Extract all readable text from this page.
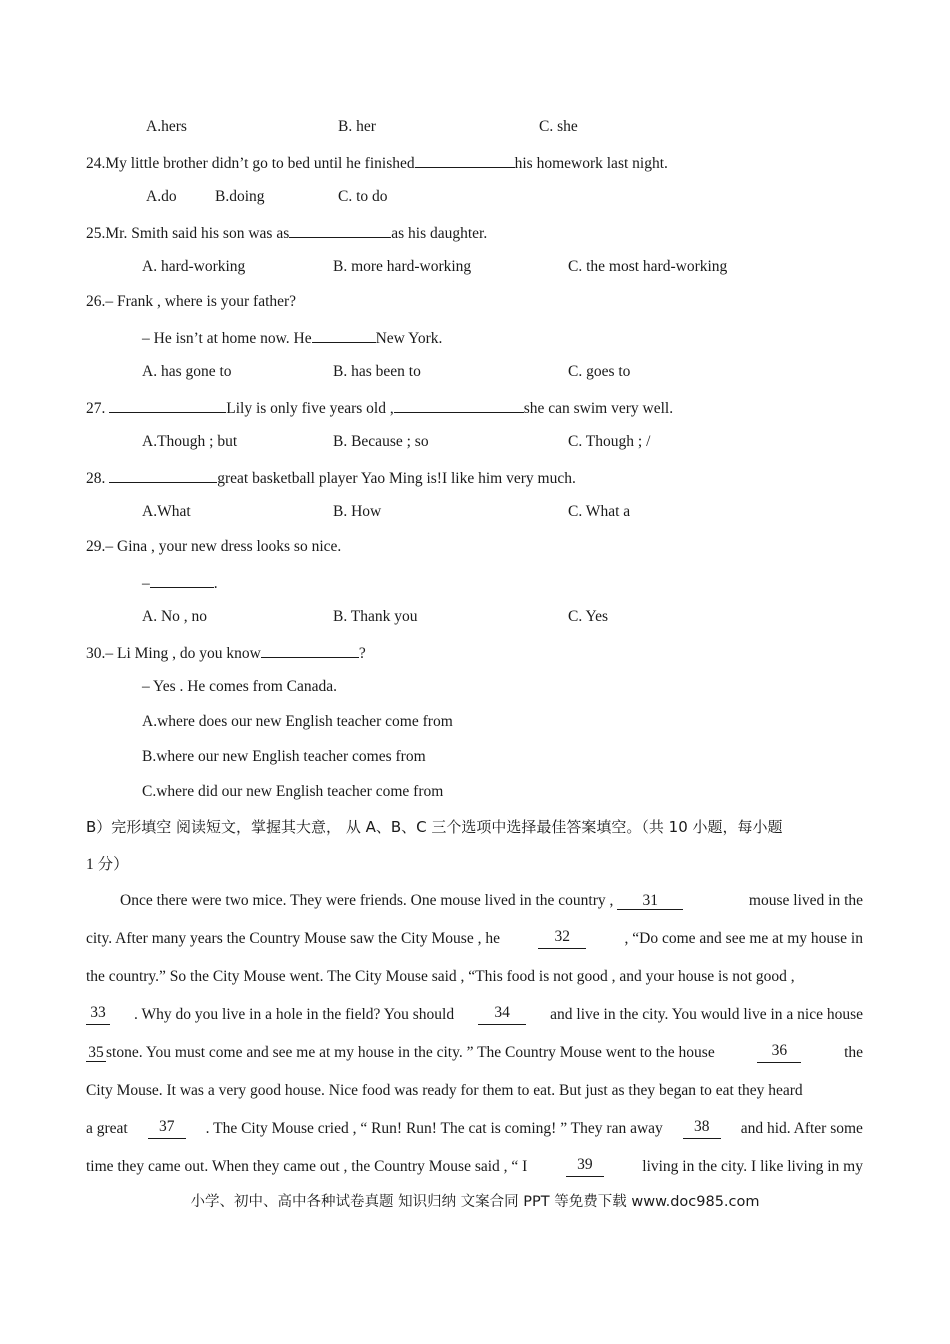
A.hers	B. her	C. she
24.My little brother didn’t go to bed until he finished	his homework last night.
A.do B.doing	C. to do
25.Mr. Smith said his son was as	as his daughter.
A. hard-working	B. more hard-working	C. the most hard-working
26.– Frank , where is your father?
– He isn’t at home now. He	New York.
A. has gone to	B. has been to	C. goes to
27.	Lily is only five years old ,	she can swim very well.
A.Though ; but	B. Because ; so	C. Though ; /
28.	great basketball player Yao Ming is!I like him very much.
A.What	B. How	C. What a
29.– Gina , your new dress looks so nice.
–	.
A. No , no	B. Thank you	C. Yes
30.– Li Ming , do you know	?
– Yes . He comes from Canada.
A.where does our new English teacher come from
B.where our new English teacher comes from
C.where did our new English teacher come from
B）完形填空 阅读短文，掌握其大意， 从 A、B、C 三个选项中选择最佳答案填空。（共 10 小题，每小题
1 分）
Once there were two mice. They were friends. One mouse lived in the country , 31	mouse lived in the
city. After many years the Country Mouse saw the City Mouse , he	32	, “Do come and see me at my house in
the country.” So the City Mouse went. The City Mouse said , “This food is not good , and your house is not good ,
33 . Why do you live in a hole in the field? You should	34	and live in the city. You would live in a nice house
35 stone. You must come and see me at my house in the city. ” The Country Mouse went to the house	36	the
City Mouse. It was a very good house. Nice food was ready for them to eat. But just as they began to eat they heard
a great	37	. The City Mouse cried , “ Run! Run! The cat is coming! ” They ran away	38	and hid. After some
time they came out. When they came out , the Country Mouse said , “ I	39	living in the city. I like living in my
小学、初中、高中各种试卷真题 知识归纳 文案合同 PPT 等免费下载 www.doc985.com
